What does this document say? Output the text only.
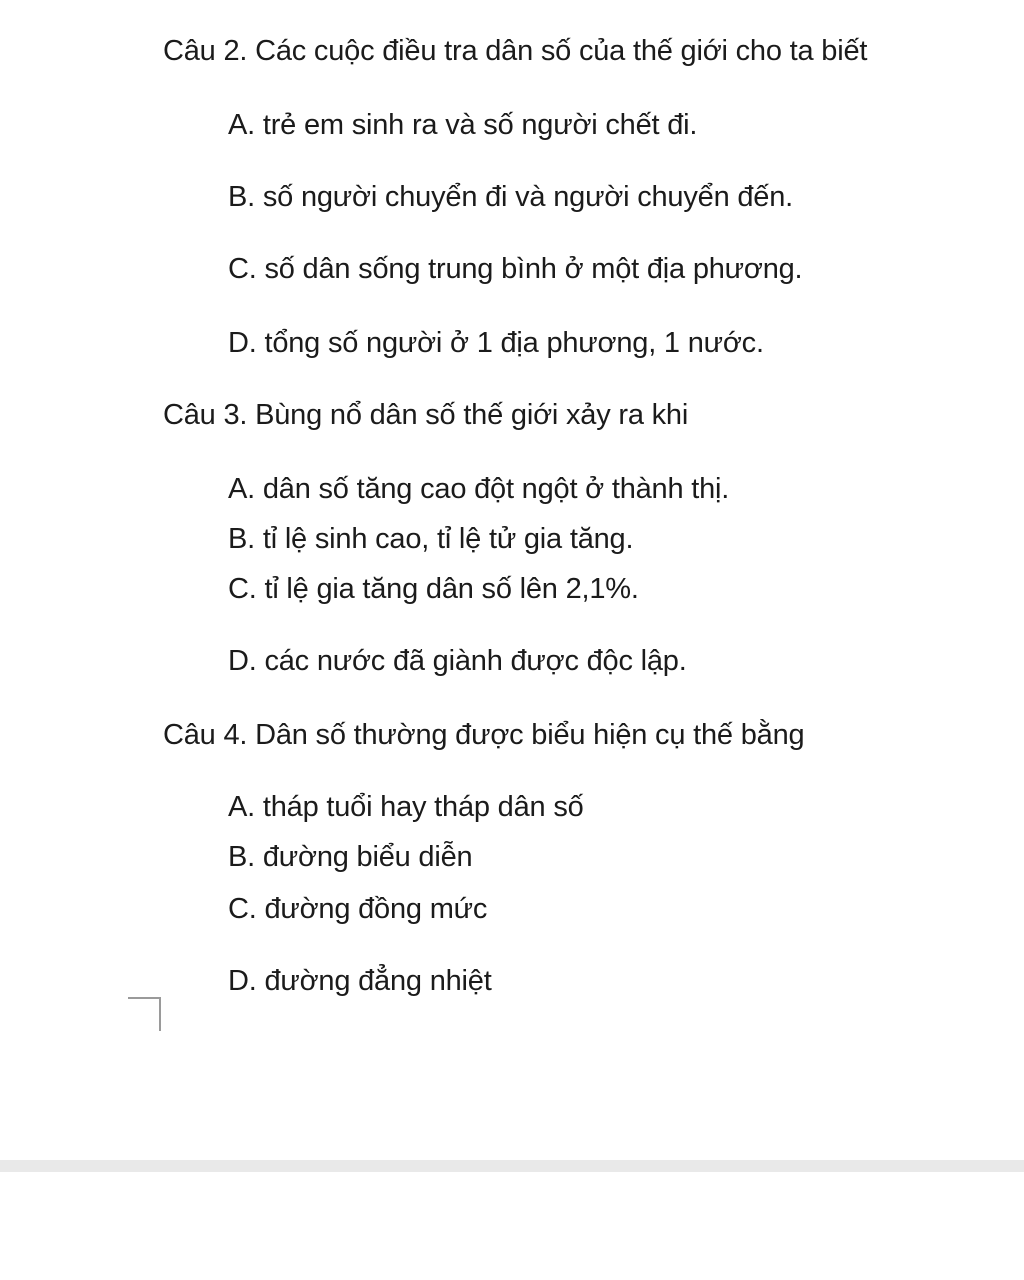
Câu 2. Các cuộc điều tra dân số của thế giới cho ta biết
A. trẻ em sinh ra và số người chết đi.
B. số người chuyển đi và người chuyển đến.
C. số dân sống trung bình ở một địa phương.
D. tổng số người ở 1 địa phương, 1 nước.
Câu 3. Bùng nổ dân số thế giới xảy ra khi
A. dân số tăng cao đột ngột ở thành thị.
B. tỉ lệ sinh cao, tỉ lệ tử gia tăng.
C. tỉ lệ gia tăng dân số lên 2,1%.
D. các nước đã giành được độc lập.
Câu 4. Dân số thường được biểu hiện cụ thế bằng
A. tháp tuổi hay tháp dân số
B. đường biểu diễn
C. đường đồng mức
D. đường đẳng nhiệt
